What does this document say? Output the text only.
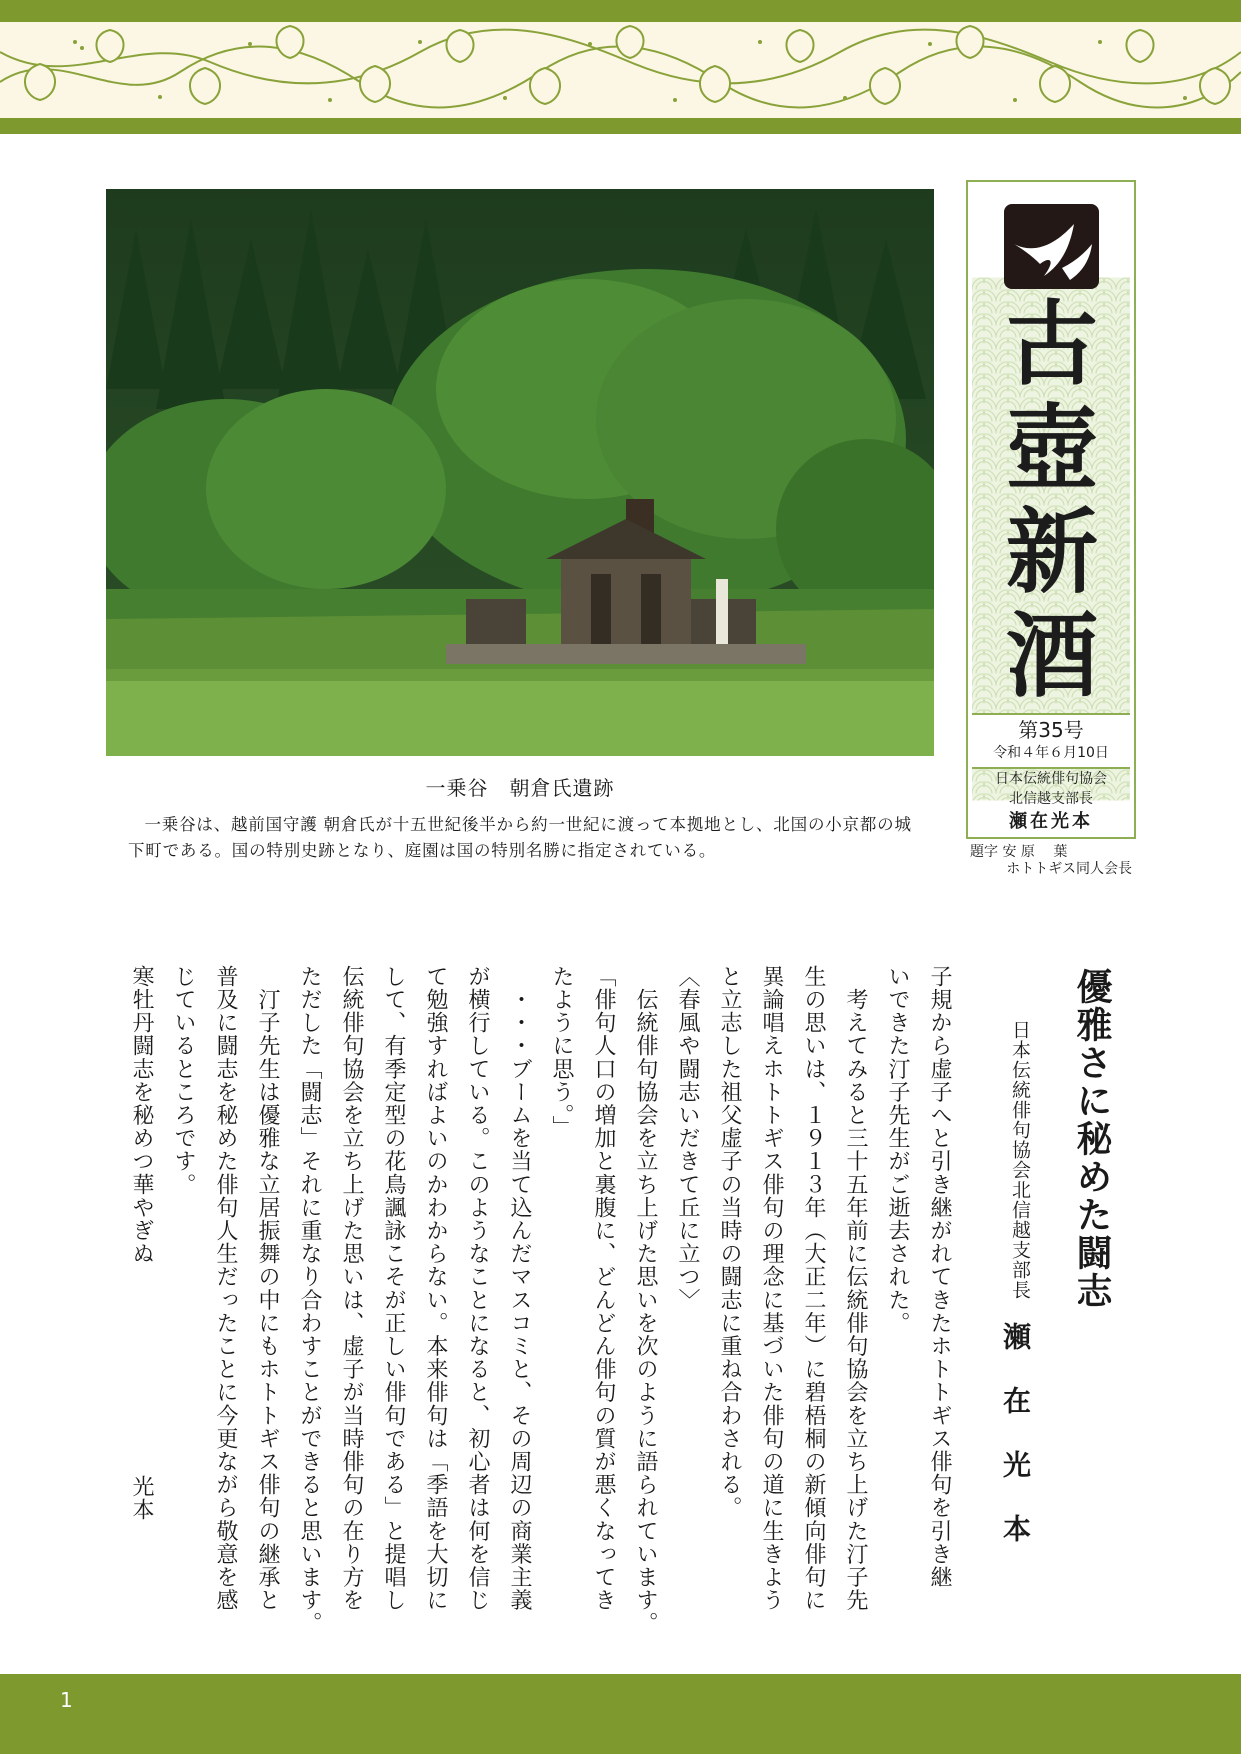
一乗谷　朝倉氏遺跡
一乗谷は、越前国守護 朝倉氏が十五世紀後半から約一世紀に渡って本拠地とし、北国の小京都の城下町である。国の特別史跡となり、庭園は国の特別名勝に指定されている。
古
壺
新
酒
第35号
令和４年６月10日
日本伝統俳句協会
北信越支部長
瀬在光本
題字 安 原　 葉
ホトトギス同人会長
優雅さに秘めた闘志
日本伝統俳句協会北信越支部長
瀬在光本

子規から虚子へと引き継がれてきたホトトギス俳句を引き継

いできた汀子先生がご逝去された。

　考えてみると三十五年前に伝統俳句協会を立ち上げた汀子先

生の思いは、１９１３年（大正二年）に碧梧桐の新傾向俳句に

異論唱えホトトギス俳句の理念に基づいた俳句の道に生きよう

と立志した祖父虚子の当時の闘志に重ね合わされる。

〈春風や闘志いだきて丘に立つ〉

　伝統俳句協会を立ち上げた思いを次のように語られています。

「俳句人口の増加と裏腹に、どんどん俳句の質が悪くなってき

たように思う。」

　・・・ブームを当て込んだマスコミと、その周辺の商業主義

が横行している。このようなことになると、初心者は何を信じ

て勉強すればよいのかわからない。本来俳句は「季語を大切に

して、有季定型の花鳥諷詠こそが正しい俳句である」と提唱し

伝統俳句協会を立ち上げた思いは、虚子が当時俳句の在り方を

ただした「闘志」それに重なり合わすことができると思います。

　汀子先生は優雅な立居振舞の中にもホトトギス俳句の継承と

普及に闘志を秘めた俳句人生だったことに今更ながら敬意を感

じているところです。

寒牡丹闘志を秘めつ華やぎぬ光本

1
